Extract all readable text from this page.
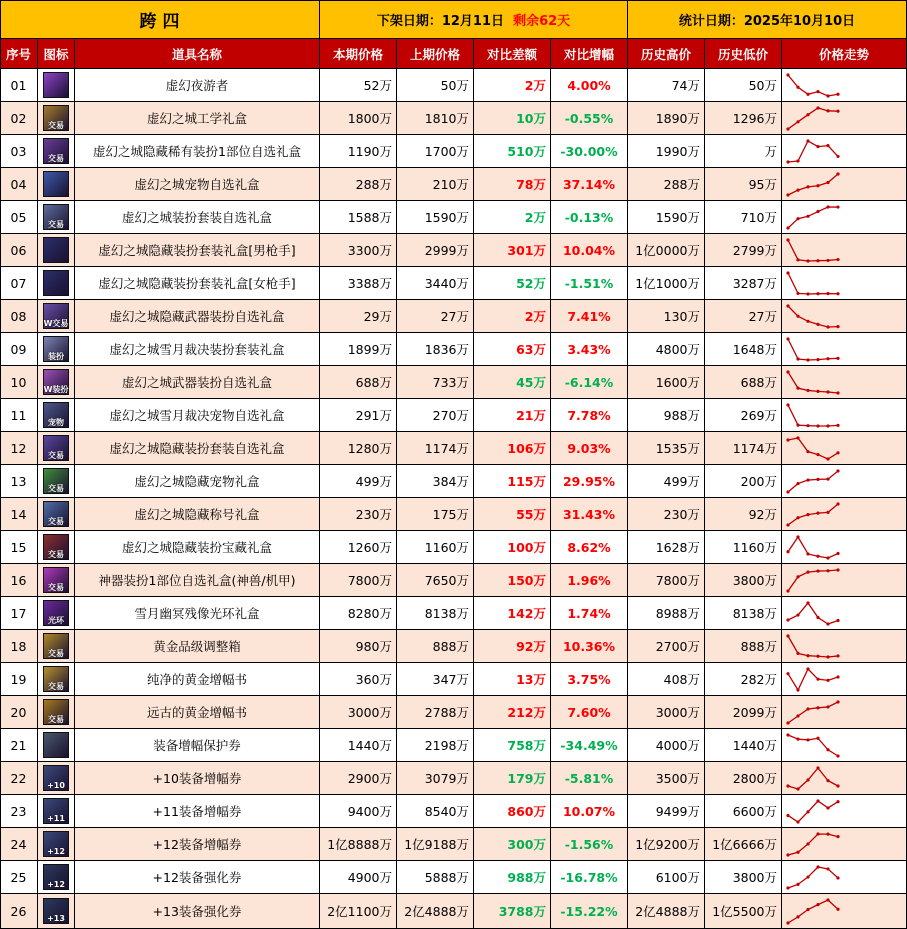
跨 四	下架日期：12月11日
剩余62天	统计日期：2025年10月10日
序号 图标	道具名称	本期价格	上期价格	对比差额	对比增幅	历史高价	历史低价	价格走势
01	虚幻夜游者	52万	50万	2万	4.00%	74万	50万
02	交易	虚幻之城工学礼盒	1800万	1810万	10万	-0.55%	1890万	1296万
03	交易	虚幻之城隐藏稀有装扮1部位自选礼盒	1190万	1700万	510万	-30.00%	1990万	万
04	虚幻之城宠物自选礼盒	288万	210万	78万	37.14%	288万	95万
05	交易	虚幻之城装扮套装自选礼盒	1588万	1590万	2万	-0.13%	1590万	710万
06	虚幻之城隐藏装扮套装礼盒[男枪手]	3300万	2999万	301万	10.04%	1亿0000万	2799万
07	虚幻之城隐藏装扮套装礼盒[女枪手]	3388万	3440万	52万	-1.51%	1亿1000万	3287万
08	W交易	虚幻之城隐藏武器装扮自选礼盒	29万	27万	2万	7.41%	130万	27万
09	装扮	虚幻之城雪月裁决装扮套装礼盒	1899万	1836万	63万	3.43%	4800万	1648万
10	W装扮	虚幻之城武器装扮自选礼盒	688万	733万	45万	-6.14%	1600万	688万
11	宠物	虚幻之城雪月裁决宠物自选礼盒	291万	270万	21万	7.78%	988万	269万
12	交易	虚幻之城隐藏装扮套装自选礼盒	1280万	1174万	106万	9.03%	1535万	1174万
13	交易	虚幻之城隐藏宠物礼盒	499万	384万	115万	29.95%	499万	200万
14	交易	虚幻之城隐藏称号礼盒	230万	175万	55万	31.43%	230万	92万
15	交易	虚幻之城隐藏装扮宝藏礼盒	1260万	1160万	100万	8.62%	1628万	1160万
16	交易	神器装扮1部位自选礼盒(神兽/机甲)	7800万	7650万	150万	1.96%	7800万	3800万
17	光环	雪月幽冥残像光环礼盒	8280万	8138万	142万	1.74%	8988万	8138万
18	交易	黄金品级调整箱	980万	888万	92万	10.36%	2700万	888万
19	交易	纯净的黄金增幅书	360万	347万	13万	3.75%	408万	282万
20	交易	远古的黄金增幅书	3000万	2788万	212万	7.60%	3000万	2099万
21	装备增幅保护券	1440万	2198万	758万	-34.49%	4000万	1440万
22	+10	+10装备增幅券	2900万	3079万	179万	-5.81%	3500万	2800万
23	+11	+11装备增幅券	9400万	8540万	860万	10.07%	9499万	6600万
24	+12	+12装备增幅券	1亿8888万 1亿9188万	300万	-1.56%	1亿9200万 1亿6666万
25	+12	+12装备强化券	4900万	5888万	988万	-16.78%	6100万	3800万
26	+13	+13装备强化券	2亿1100万 2亿4888万	3788万	-15.22%	2亿4888万 1亿5500万
